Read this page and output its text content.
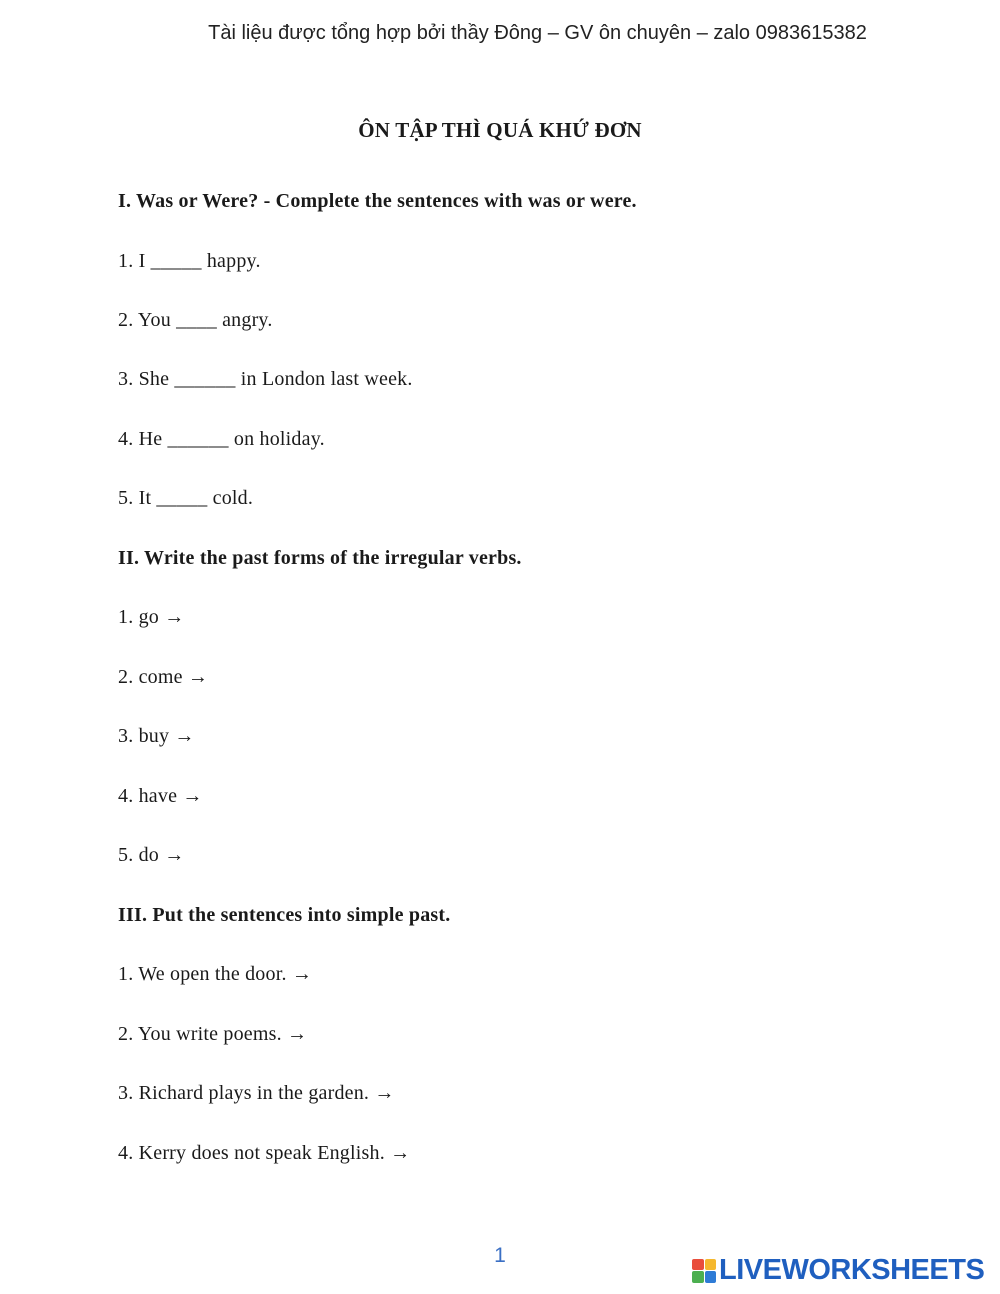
Tài liệu được tổng hợp bởi thầy Đông – GV ôn chuyên – zalo 0983615382
ÔN TẬP THÌ QUÁ KHỨ ĐƠN
I. Was or Were? - Complete the sentences with was or were.
1. I _____ happy.
2. You ____ angry.
3. She ______ in London last week.
4. He ______ on holiday.
5. It _____ cold.
II. Write the past forms of the irregular verbs.
1. go →
2. come →
3. buy →
4. have →
5. do →
III. Put the sentences into simple past.
1. We open the door. →
2. You write poems. →
3. Richard plays in the garden. →
4. Kerry does not speak English. →
1	LIVEWORKSHEETS
